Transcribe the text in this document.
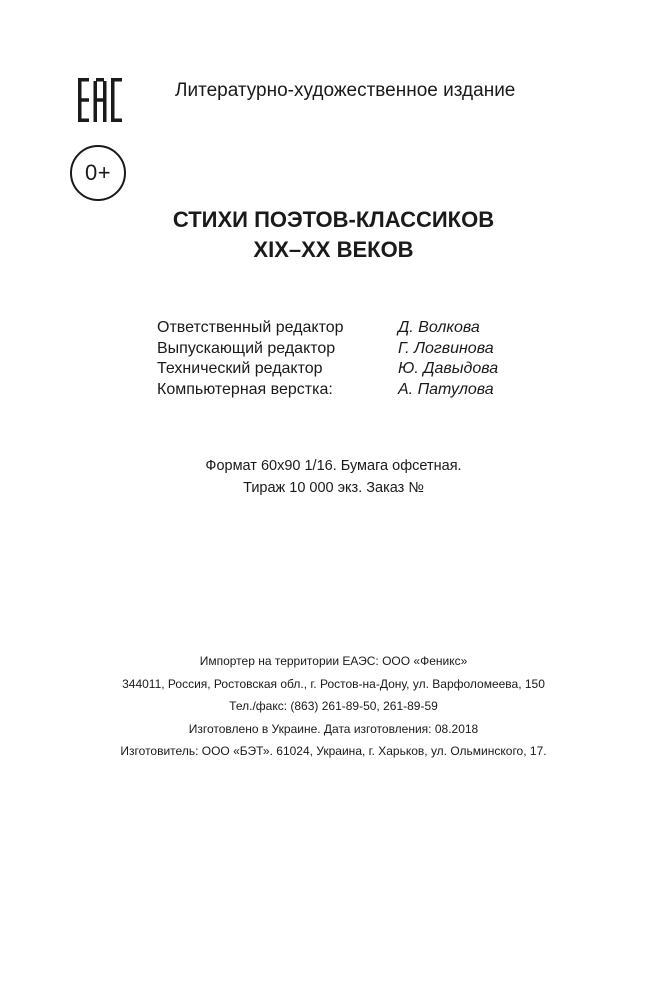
0+
Литературно-художественное издание
СТИХИ ПОЭТОВ-КЛАССИКОВ
XIX–XX ВЕКОВ
Ответственный редактор	Д. Волкова
Выпускающий редактор	Г. Логвинова
Технический редактор	Ю. Давыдова
Компьютерная верстка:	А. Патулова
Формат 60x90 1/16. Бумага офсетная.
Тираж 10 000 экз. Заказ №
Импортер на территории ЕАЭС: ООО «Феникс»
344011, Россия, Ростовская обл., г. Ростов-на-Дону, ул. Варфоломеева, 150
Тел./факс: (863) 261-89-50, 261-89-59
Изготовлено в Украине. Дата изготовления: 08.2018
Изготовитель: ООО «БЭТ». 61024, Украина, г. Харьков, ул. Ольминского, 17.
